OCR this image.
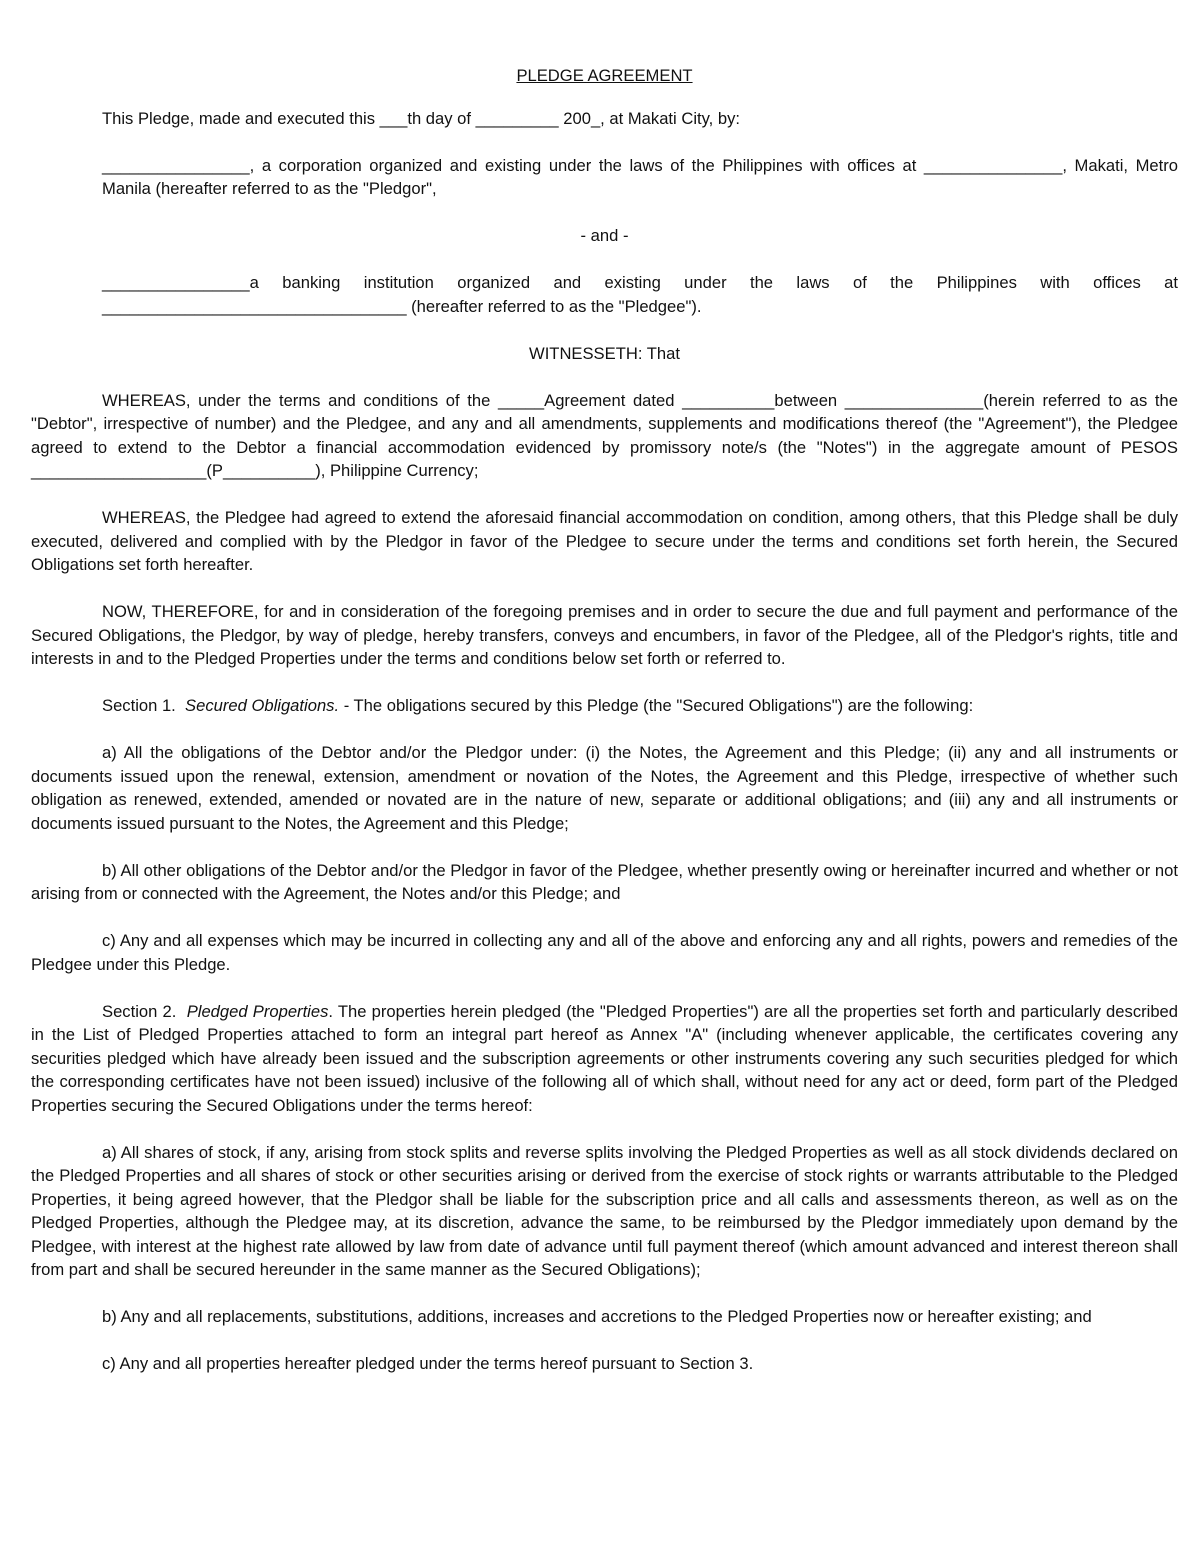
PLEDGE AGREEMENT

This Pledge, made and executed this ___th day of _________ 200_, at Makati City, by:

________________, a corporation organized and existing under the laws of the Philippines with offices at _______________, Makati, Metro Manila (hereafter referred to as the "Pledgor",

- and -

________________a banking institution organized and existing under the laws of the Philippines with offices at _________________________________ (hereafter referred to as the "Pledgee").

WITNESSETH: That

WHEREAS, under the terms and conditions of the _____Agreement dated __________between _______________(herein referred to as the "Debtor", irrespective of number) and the Pledgee, and any and all amendments, supplements and modifications thereof (the "Agreement"), the Pledgee agreed to extend to the Debtor a financial accommodation evidenced by promissory note/s (the "Notes") in the aggregate amount of PESOS ___________________(P__________), Philippine Currency;

WHEREAS, the Pledgee had agreed to extend the aforesaid financial accommodation on condition, among others, that this Pledge shall be duly executed, delivered and complied with by the Pledgor in favor of the Pledgee to secure under the terms and conditions set forth herein, the Secured Obligations set forth hereafter.

NOW, THEREFORE, for and in consideration of the foregoing premises and in order to secure the due and full payment and performance of the Secured Obligations, the Pledgor, by way of pledge, hereby transfers, conveys and encumbers, in favor of the Pledgee, all of the Pledgor's rights, title and interests in and to the Pledged Properties under the terms and conditions below set forth or referred to.

Section 1. Secured Obligations. - The obligations secured by this Pledge (the "Secured Obligations") are the following:

a) All the obligations of the Debtor and/or the Pledgor under: (i) the Notes, the Agreement and this Pledge; (ii) any and all instruments or documents issued upon the renewal, extension, amendment or novation of the Notes, the Agreement and this Pledge, irrespective of whether such obligation as renewed, extended, amended or novated are in the nature of new, separate or additional obligations; and (iii) any and all instruments or documents issued pursuant to the Notes, the Agreement and this Pledge;

b) All other obligations of the Debtor and/or the Pledgor in favor of the Pledgee, whether presently owing or hereinafter incurred and whether or not arising from or connected with the Agreement, the Notes and/or this Pledge; and

c) Any and all expenses which may be incurred in collecting any and all of the above and enforcing any and all rights, powers and remedies of the Pledgee under this Pledge.

Section 2. Pledged Properties. The properties herein pledged (the "Pledged Properties") are all the properties set forth and particularly described in the List of Pledged Properties attached to form an integral part hereof as Annex "A" (including whenever applicable, the certificates covering any securities pledged which have already been issued and the subscription agreements or other instruments covering any such securities pledged for which the corresponding certificates have not been issued) inclusive of the following all of which shall, without need for any act or deed, form part of the Pledged Properties securing the Secured Obligations under the terms hereof:

a) All shares of stock, if any, arising from stock splits and reverse splits involving the Pledged Properties as well as all stock dividends declared on the Pledged Properties and all shares of stock or other securities arising or derived from the exercise of stock rights or warrants attributable to the Pledged Properties, it being agreed however, that the Pledgor shall be liable for the subscription price and all calls and assessments thereon, as well as on the Pledged Properties, although the Pledgee may, at its discretion, advance the same, to be reimbursed by the Pledgor immediately upon demand by the Pledgee, with interest at the highest rate allowed by law from date of advance until full payment thereof (which amount advanced and interest thereon shall from part and shall be secured hereunder in the same manner as the Secured Obligations);

b) Any and all replacements, substitutions, additions, increases and accretions to the Pledged Properties now or hereafter existing; and

c) Any and all properties hereafter pledged under the terms hereof pursuant to Section 3.
